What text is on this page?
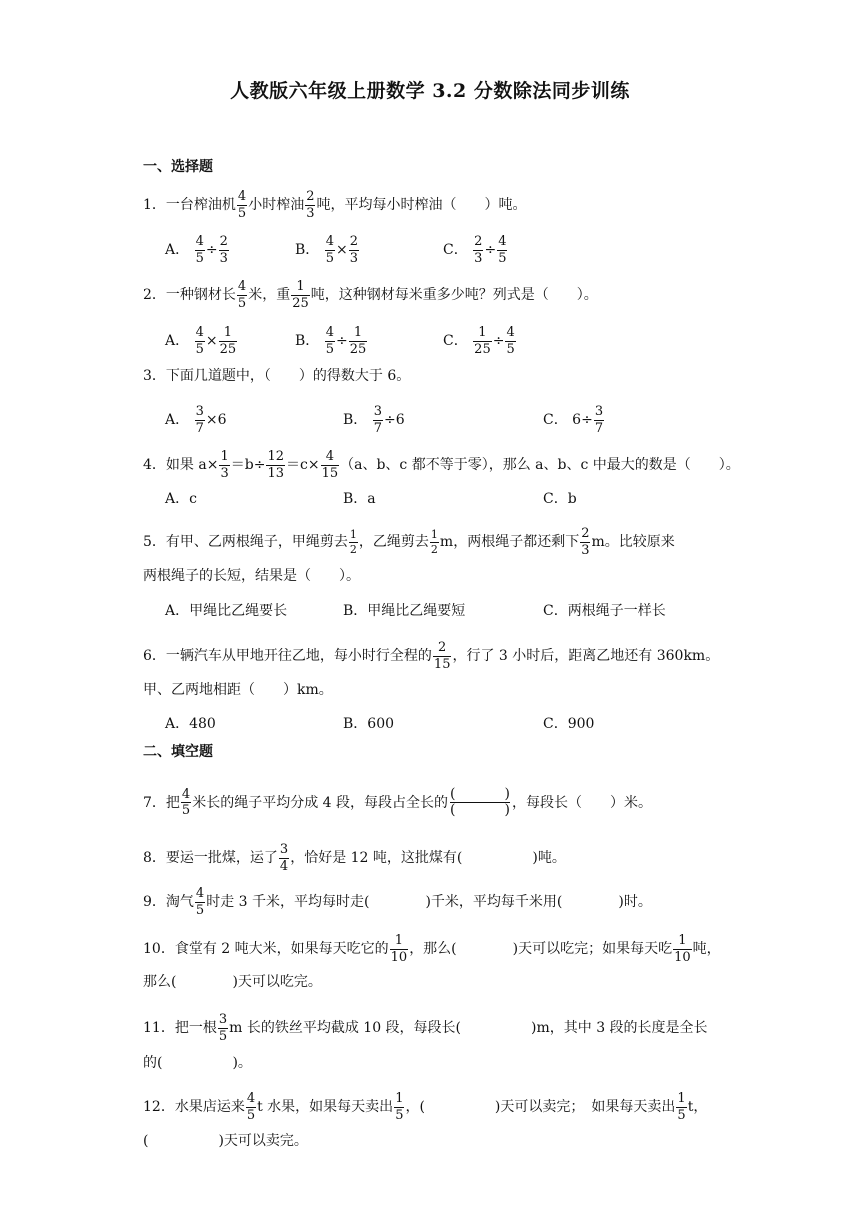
人教版六年级上册数学 3.2 分数除法同步训练
一、选择题
1．一台榨油机 $\frac{4}{5}$ 小时榨油 $\frac{2}{3}$ 吨，平均每小时榨油（　　）吨。
A． $\frac{4}{5} \div \frac{2}{3}$	B． $\frac{4}{5} \times \frac{2}{3}$	C． $\frac{2}{3} \div \frac{4}{5}$
2．一种钢材长 $\frac{4}{5}$ 米，重 $\frac{1}{25}$ 吨，这种钢材每米重多少吨？列式是（　　）。
A． $\frac{4}{5} \times \frac{1}{25}$	B． $\frac{4}{5} \div \frac{1}{25}$	C． $\frac{1}{25} \div \frac{4}{5}$
3．下面几道题中，（　　）的得数大于 6。
A． $\frac{3}{7} \times 6$	B． $\frac{3}{7} \div 6$	C． $6\div \frac{3}{7}$
4．如果 $a\times \frac{1}{3} =b\div \frac{12}{13} =c\times \frac{4}{15} (a$、b、c 都不等于零），那么 a、b、c 中最大的数是（　　）。
A．c	B．a	C．b
5．有甲、乙两根绳子，甲绳剪去 $\frac{1}{2}$ ，乙绳剪去 $\frac{1}{2}$ m，两根绳子都还剩下 $\frac{2}{3}$ m。比较原来
两根绳子的长短，结果是（　　）。
A．甲绳比乙绳要长	B．甲绳比乙绳要短	C．两根绳子一样长
6．一辆汽车从甲地开往乙地，每小时行全程的 $\frac{2}{15}$ ，行了 3 小时后，距离乙地还有 360km。
甲、乙两地相距（　　）km。
A．480	B．600	C．900
二、填空题
7．把 $\frac{4}{5}$ 米长的绳子平均分成 4 段，每段占全长的
(	)
(	) ，每段长（　　）米。
8．要运一批煤，运了 $\frac{3}{4}$ ，恰好是 12 吨，这批煤有(　　　　　)吨。
9．淘气 $\frac{4}{5}$ 时走 3 千米，平均每时走(　　　　)千米，平均每千米用(　　　　)时。
10．食堂有 2 吨大米，如果每天吃它的 $\frac{1}{10}$ ，那么(　　　　)天可以吃完；如果每天吃 $\frac{1}{10}$ 吨，
那么(　　　　)天可以吃完。
11．把一根 $\frac{3}{5}$ m 长的铁丝平均截成 10 段，每段长(　　　　　)m，其中 3 段的长度是全长
的(　　　　　)。
12．水果店运来 $\frac{4}{5}$ t 水果，如果每天卖出 $\frac{1}{5}$ ，(　　　　　)天可以卖完；　如果每天卖出 $\frac{1}{5}$ t，
(　　　　　)天可以卖完。
